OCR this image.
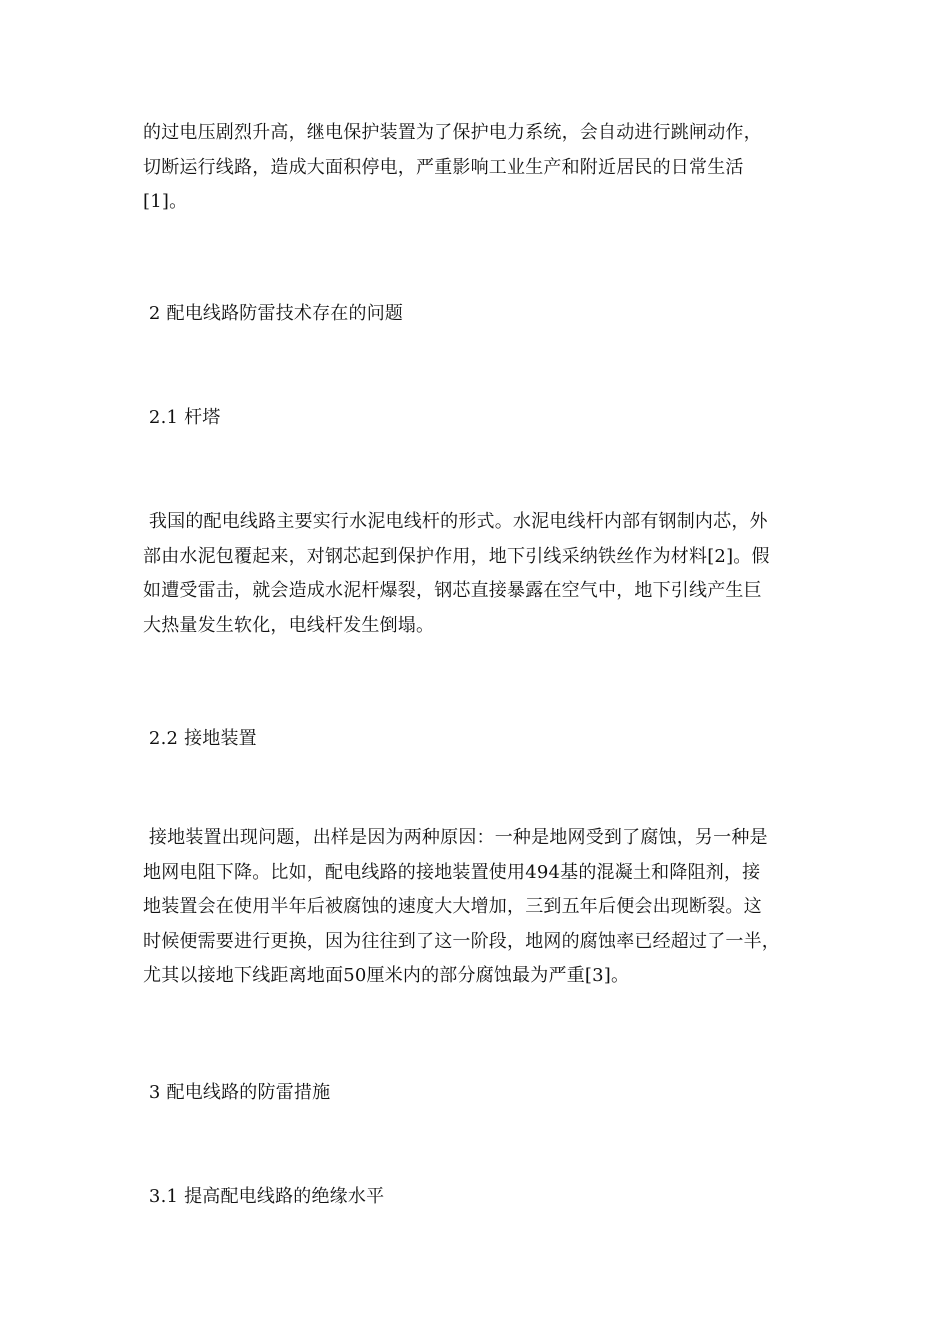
的过电压剧烈升高，继电保护装置为了保护电力系统，会自动进行跳闸动作，
切断运行线路，造成大面积停电，严重影响工业生产和附近居民的日常生活
[1]。

2 配电线路防雷技术存在的问题

2.1 杆塔

我国的配电线路主要实行水泥电线杆的形式。水泥电线杆内部有钢制内芯，外
部由水泥包覆起来，对钢芯起到保护作用，地下引线采纳铁丝作为材料[2]。假
如遭受雷击，就会造成水泥杆爆裂，钢芯直接暴露在空气中，地下引线产生巨
大热量发生软化，电线杆发生倒塌。

2.2 接地装置

接地装置出现问题，出样是因为两种原因：一种是地网受到了腐蚀，另一种是
地网电阻下降。比如，配电线路的接地装置使用494基的混凝土和降阻剂，接
地装置会在使用半年后被腐蚀的速度大大增加，三到五年后便会出现断裂。这
时候便需要进行更换，因为往往到了这一阶段，地网的腐蚀率已经超过了一半，
尤其以接地下线距离地面50厘米内的部分腐蚀最为严重[3]。

3 配电线路的防雷措施

3.1 提高配电线路的绝缘水平
